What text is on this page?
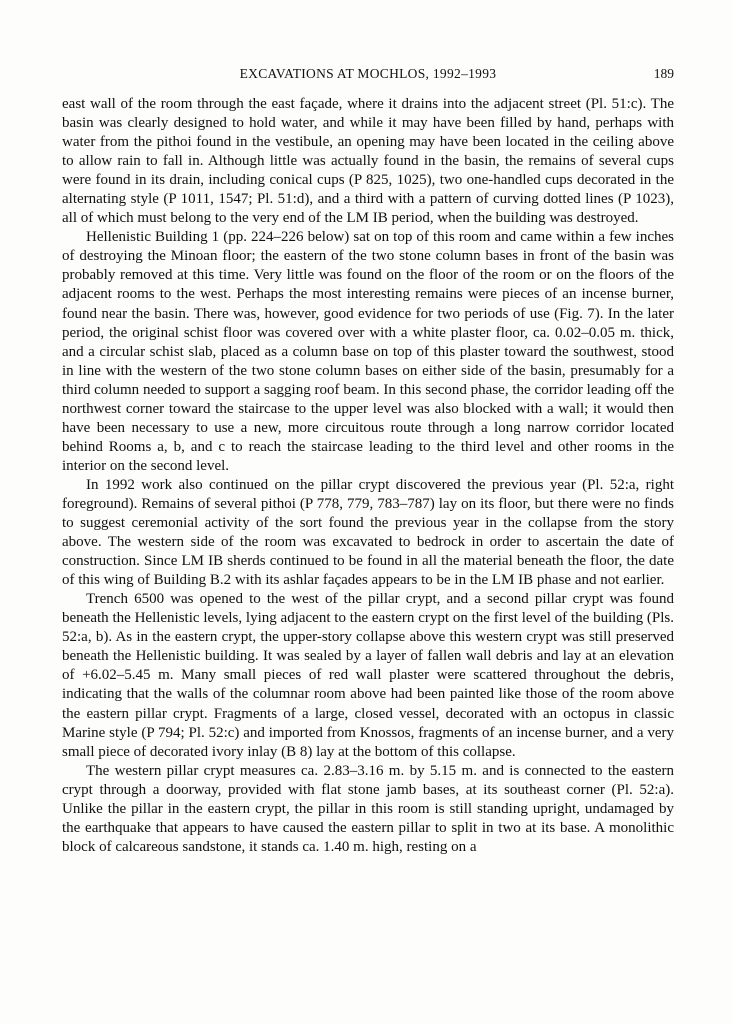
EXCAVATIONS AT MOCHLOS, 1992–1993	189

east wall of the room through the east façade, where it drains into the adjacent street (Pl. 51:c). The basin was clearly designed to hold water, and while it may have been filled by hand, perhaps with water from the pithoi found in the vestibule, an opening may have been located in the ceiling above to allow rain to fall in. Although little was actually found in the basin, the remains of several cups were found in its drain, including conical cups (P 825, 1025), two one-handled cups decorated in the alternating style (P 1011, 1547; Pl. 51:d), and a third with a pattern of curving dotted lines (P 1023), all of which must belong to the very end of the LM IB period, when the building was destroyed.

Hellenistic Building 1 (pp. 224–226 below) sat on top of this room and came within a few inches of destroying the Minoan floor; the eastern of the two stone column bases in front of the basin was probably removed at this time. Very little was found on the floor of the room or on the floors of the adjacent rooms to the west. Perhaps the most interesting remains were pieces of an incense burner, found near the basin. There was, however, good evidence for two periods of use (Fig. 7). In the later period, the original schist floor was covered over with a white plaster floor, ca. 0.02–0.05 m. thick, and a circular schist slab, placed as a column base on top of this plaster toward the southwest, stood in line with the western of the two stone column bases on either side of the basin, presumably for a third column needed to support a sagging roof beam. In this second phase, the corridor leading off the northwest corner toward the staircase to the upper level was also blocked with a wall; it would then have been necessary to use a new, more circuitous route through a long narrow corridor located behind Rooms a, b, and c to reach the staircase leading to the third level and other rooms in the interior on the second level.

In 1992 work also continued on the pillar crypt discovered the previous year (Pl. 52:a, right foreground). Remains of several pithoi (P 778, 779, 783–787) lay on its floor, but there were no finds to suggest ceremonial activity of the sort found the previous year in the collapse from the story above. The western side of the room was excavated to bedrock in order to ascertain the date of construction. Since LM IB sherds continued to be found in all the material beneath the floor, the date of this wing of Building B.2 with its ashlar façades appears to be in the LM IB phase and not earlier.

Trench 6500 was opened to the west of the pillar crypt, and a second pillar crypt was found beneath the Hellenistic levels, lying adjacent to the eastern crypt on the first level of the building (Pls. 52:a, b). As in the eastern crypt, the upper-story collapse above this western crypt was still preserved beneath the Hellenistic building. It was sealed by a layer of fallen wall debris and lay at an elevation of +6.02–5.45 m. Many small pieces of red wall plaster were scattered throughout the debris, indicating that the walls of the columnar room above had been painted like those of the room above the eastern pillar crypt. Fragments of a large, closed vessel, decorated with an octopus in classic Marine style (P 794; Pl. 52:c) and imported from Knossos, fragments of an incense burner, and a very small piece of decorated ivory inlay (B 8) lay at the bottom of this collapse.

The western pillar crypt measures ca. 2.83–3.16 m. by 5.15 m. and is connected to the eastern crypt through a doorway, provided with flat stone jamb bases, at its southeast corner (Pl. 52:a). Unlike the pillar in the eastern crypt, the pillar in this room is still standing upright, undamaged by the earthquake that appears to have caused the eastern pillar to split in two at its base. A monolithic block of calcareous sandstone, it stands ca. 1.40 m. high, resting on a
